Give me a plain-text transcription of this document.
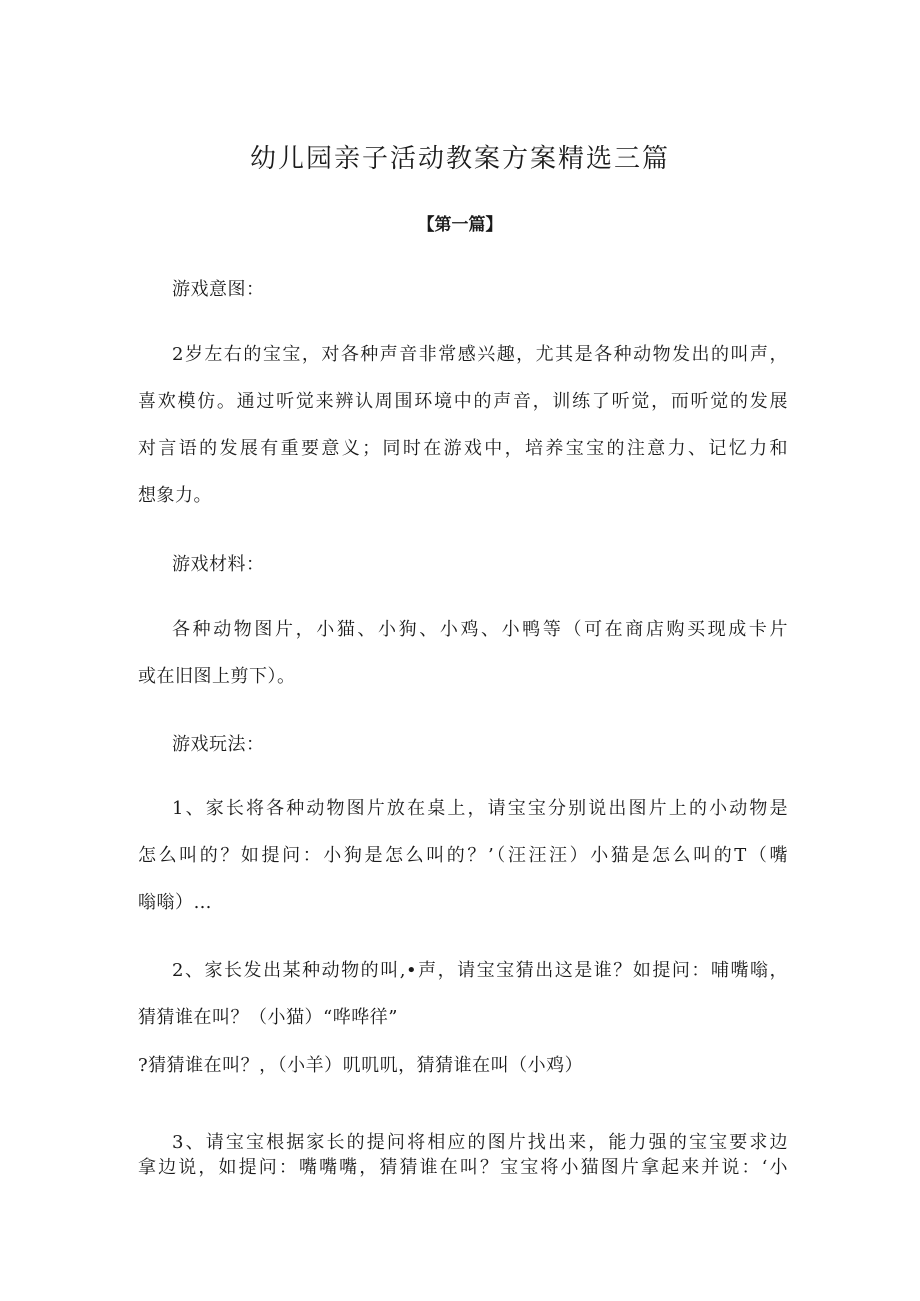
幼儿园亲子活动教案方案精选三篇

【第一篇】

游戏意图：

2岁左右的宝宝，对各种声音非常感兴趣，尤其是各种动物发出的叫声，

喜欢模仿。通过听觉来辨认周围环境中的声音，训练了听觉，而听觉的发展

对言语的发展有重要意义；同时在游戏中，培养宝宝的注意力、记忆力和

想象力。

游戏材料：

各种动物图片，小猫、小狗、小鸡、小鸭等（可在商店购买现成卡片

或在旧图上剪下）。

游戏玩法：

1、家长将各种动物图片放在桌上，请宝宝分别说出图片上的小动物是

怎么叫的？如提问：小狗是怎么叫的？’（汪汪汪）小猫是怎么叫的T（嘴

嗡嗡）…

2、家长发出某种动物的叫,•声，请宝宝猜出这是谁？如提问：哺嘴嗡，

猜猜谁在叫？（小猫）“哗哗徉”

?猜猜谁在叫？，（小羊）叽叽叽，猜猜谁在叫（小鸡）

3、请宝宝根据家长的提问将相应的图片找出来，能力强的宝宝要求边

拿边说，如提问：嘴嘴嘴，猜猜谁在叫？宝宝将小猫图片拿起来并说：‘小
